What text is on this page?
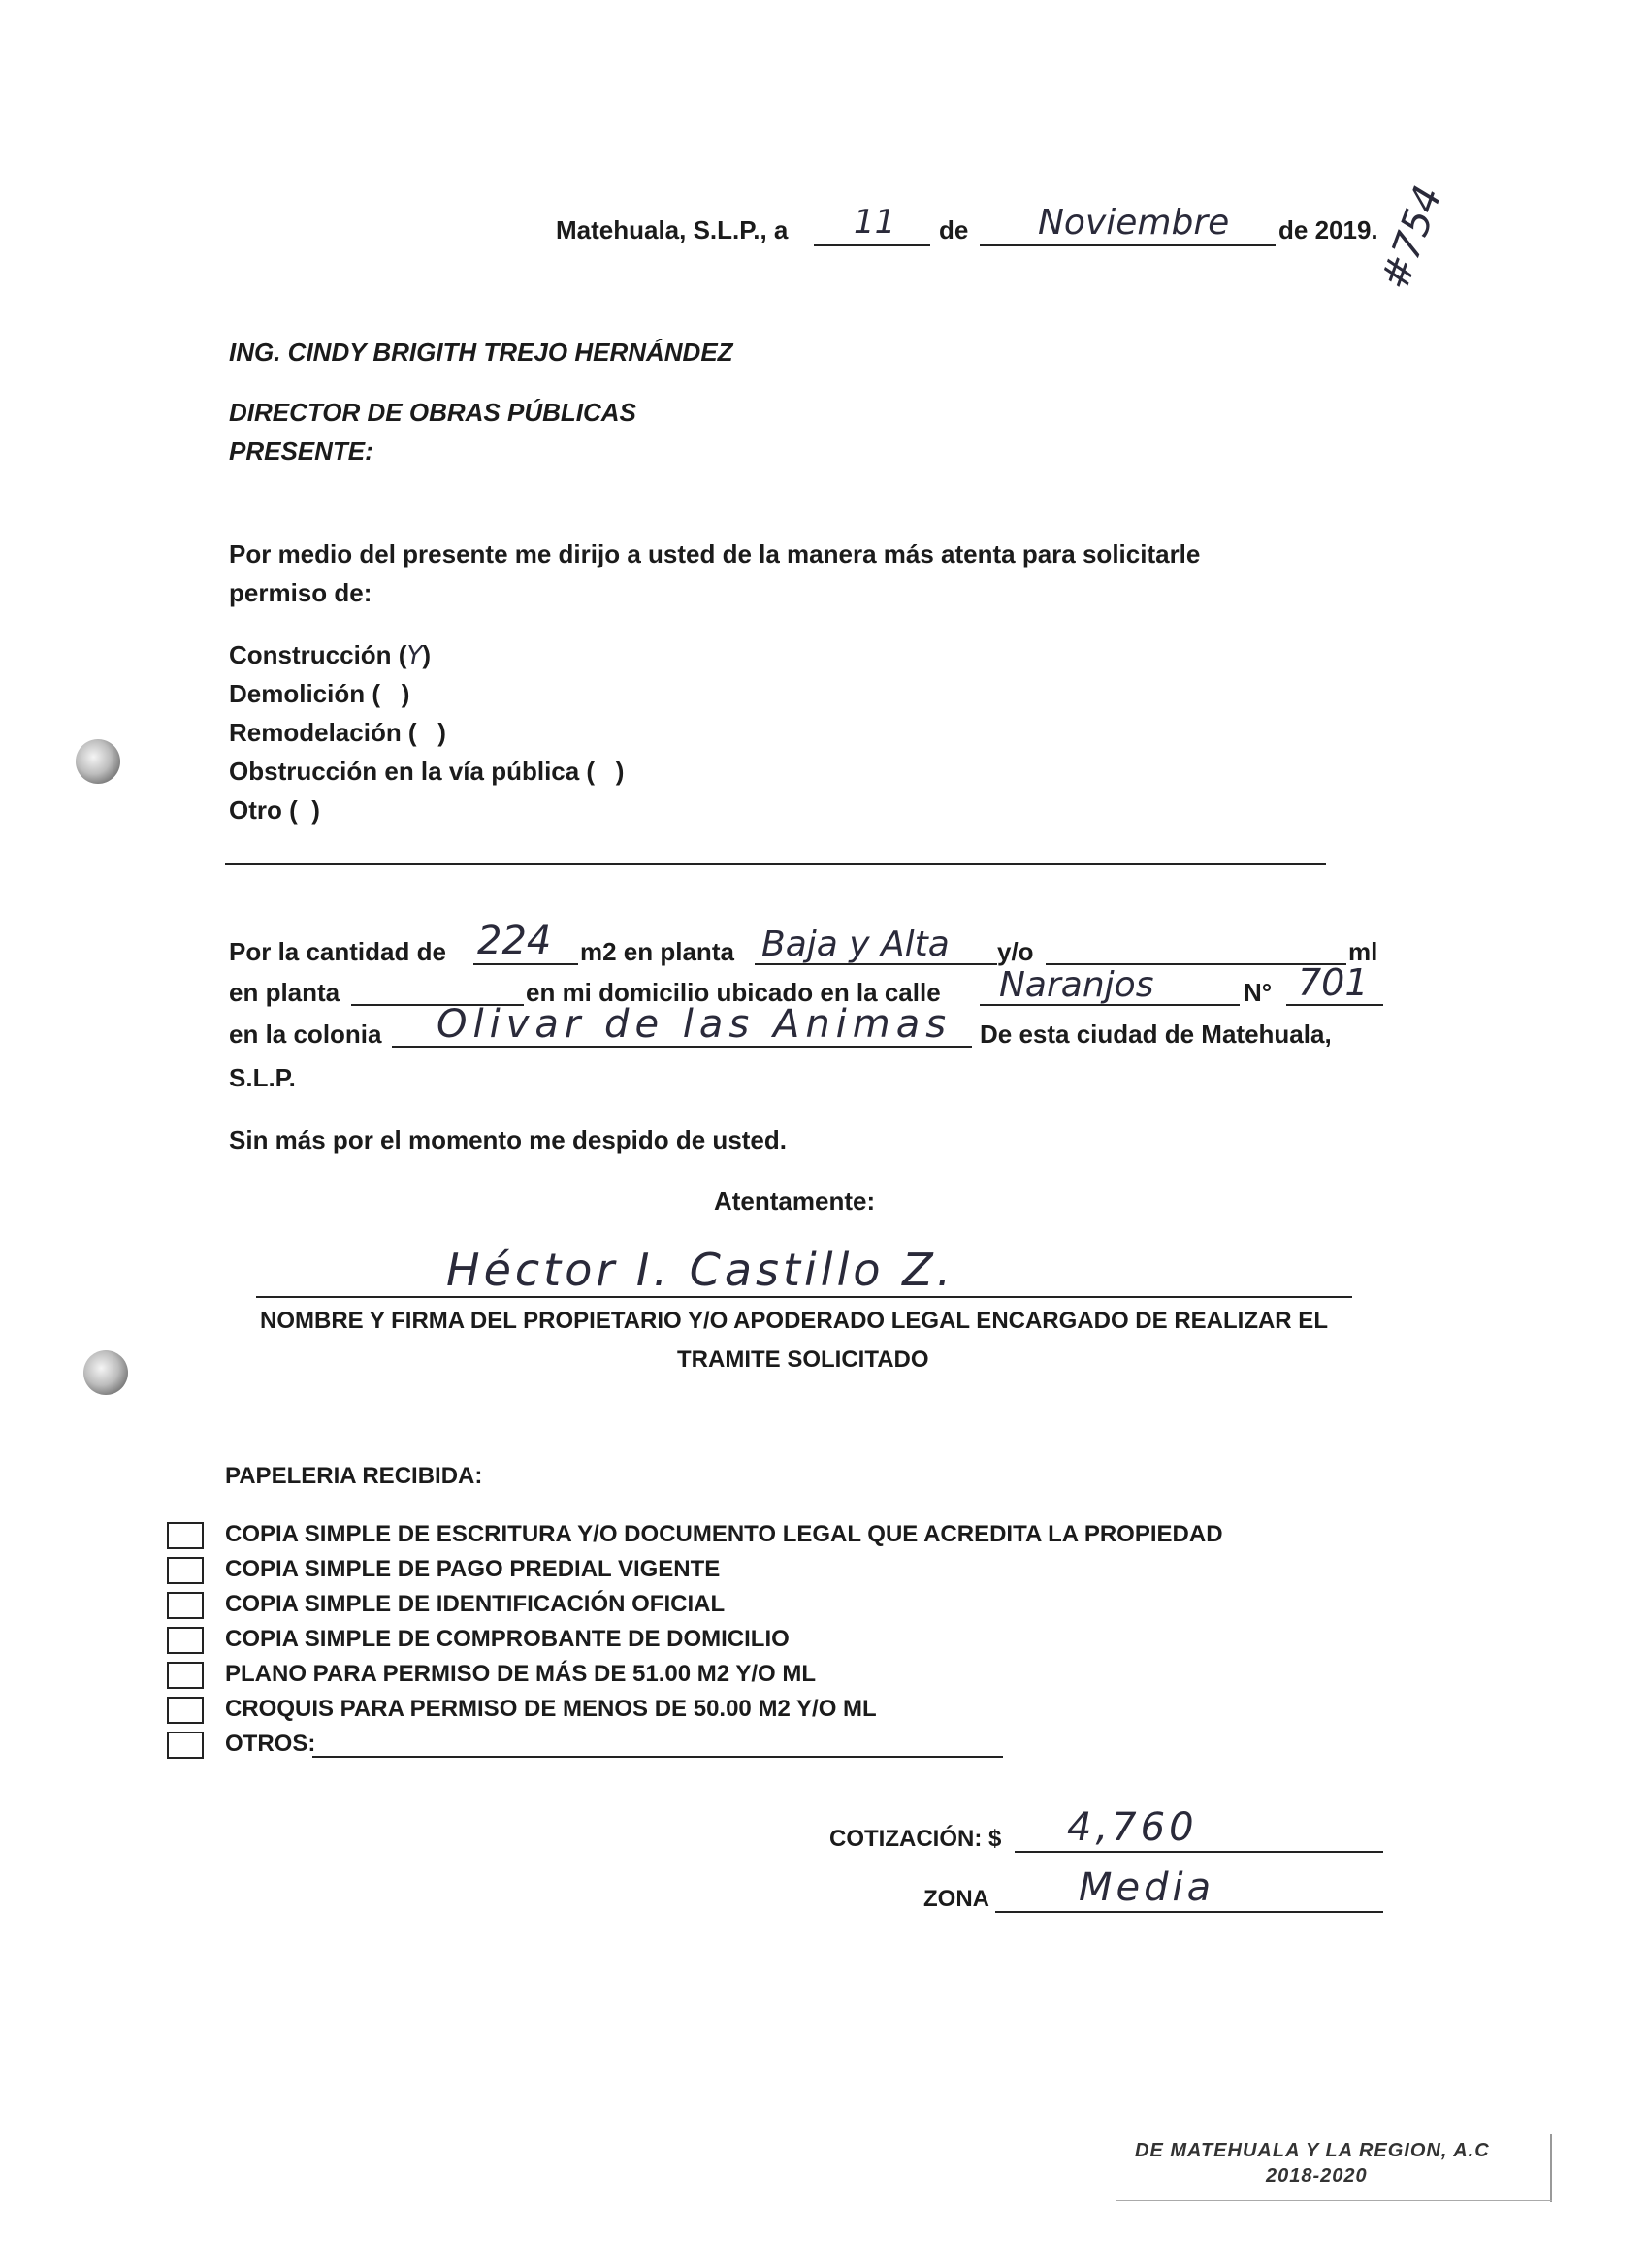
Matehuala, S.L.P., a 11 de Noviembre de 2019.
#754
ING. CINDY BRIGITH TREJO HERNÁNDEZ
DIRECTOR DE OBRAS PÚBLICAS
PRESENTE:
Por medio del presente me dirijo a usted de la manera más atenta para solicitarle
permiso de:
Construcción (Y)
Demolición ( )
Remodelación ( )
Obstrucción en la vía pública ( )
Otro ( )
Por la cantidad de 224 m2 en planta Baja y Alta y/o	ml
en planta	en mi domicilio ubicado en la calle Naranjos	N° 701
en la colonia Olivar de las Animas De esta ciudad de Matehuala,
S.L.P.
Sin más por el momento me despido de usted.
Atentamente:
Héctor I. Castillo Z.
NOMBRE Y FIRMA DEL PROPIETARIO Y/O APODERADO LEGAL ENCARGADO DE REALIZAR EL
TRAMITE SOLICITADO
PAPELERIA RECIBIDA:
COPIA SIMPLE DE ESCRITURA Y/O DOCUMENTO LEGAL QUE ACREDITA LA PROPIEDAD
COPIA SIMPLE DE PAGO PREDIAL VIGENTE
COPIA SIMPLE DE IDENTIFICACIÓN OFICIAL
COPIA SIMPLE DE COMPROBANTE DE DOMICILIO
PLANO PARA PERMISO DE MÁS DE 51.00 M2 Y/O ML
CROQUIS PARA PERMISO DE MENOS DE 50.00 M2 Y/O ML
OTROS:
COTIZACIÓN: $ 4,760
ZONA Media
DE MATEHUALA Y LA REGION, A.C
2018-2020
